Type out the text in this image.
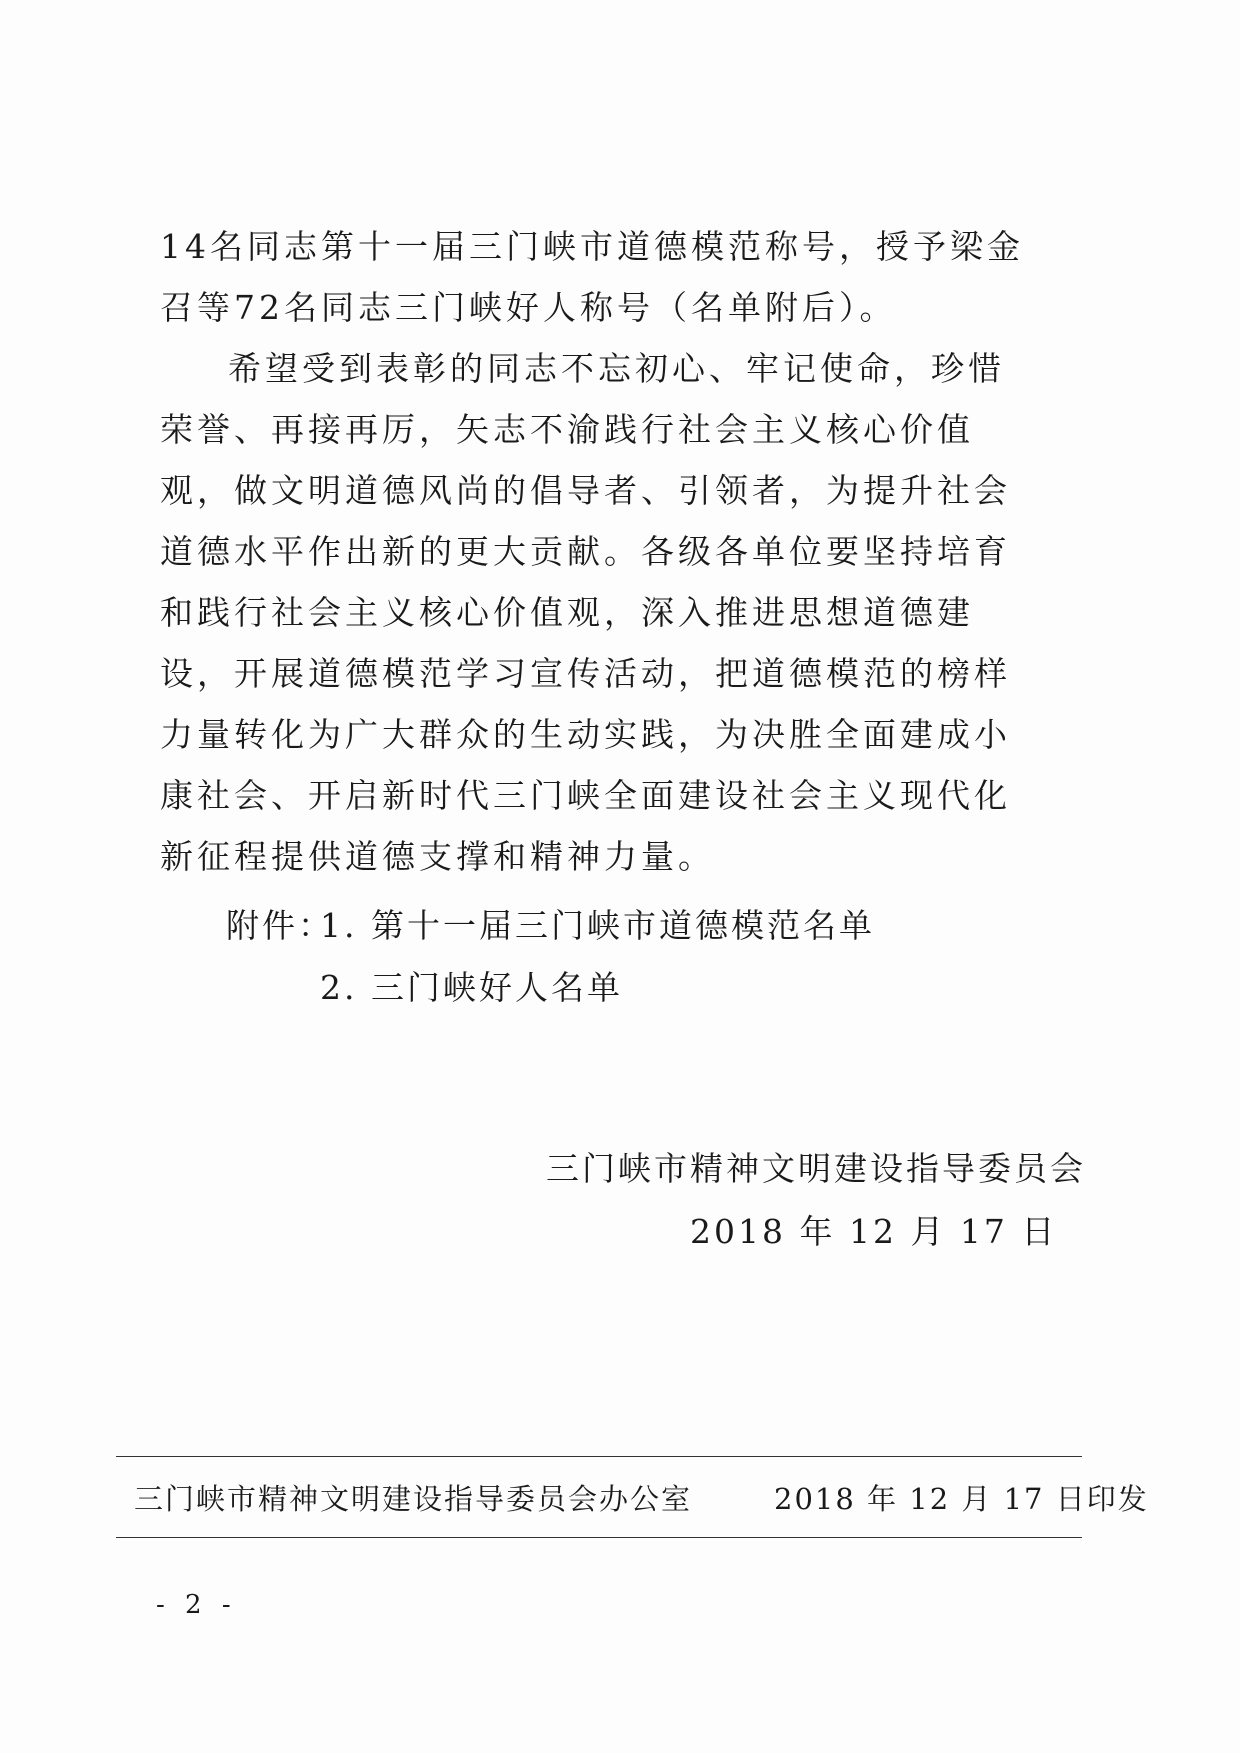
14名同志第十一届三门峡市道德模范称号，授予梁金召等72名同志三门峡好人称号（名单附后）。

希望受到表彰的同志不忘初心、牢记使命，珍惜荣誉、再接再厉，矢志不渝践行社会主义核心价值观，做文明道德风尚的倡导者、引领者，为提升社会道德水平作出新的更大贡献。各级各单位要坚持培育和践行社会主义核心价值观，深入推进思想道德建设，开展道德模范学习宣传活动，把道德模范的榜样力量转化为广大群众的生动实践，为决胜全面建成小康社会、开启新时代三门峡全面建设社会主义现代化新征程提供道德支撑和精神力量。

附件：
1. 第十一届三门峡市道德模范名单
2. 三门峡好人名单
三门峡市精神文明建设指导委员会
2018 年 12 月 17 日
三门峡市精神文明建设指导委员会办公室	2018 年 12 月 17 日印发
- 2 -
